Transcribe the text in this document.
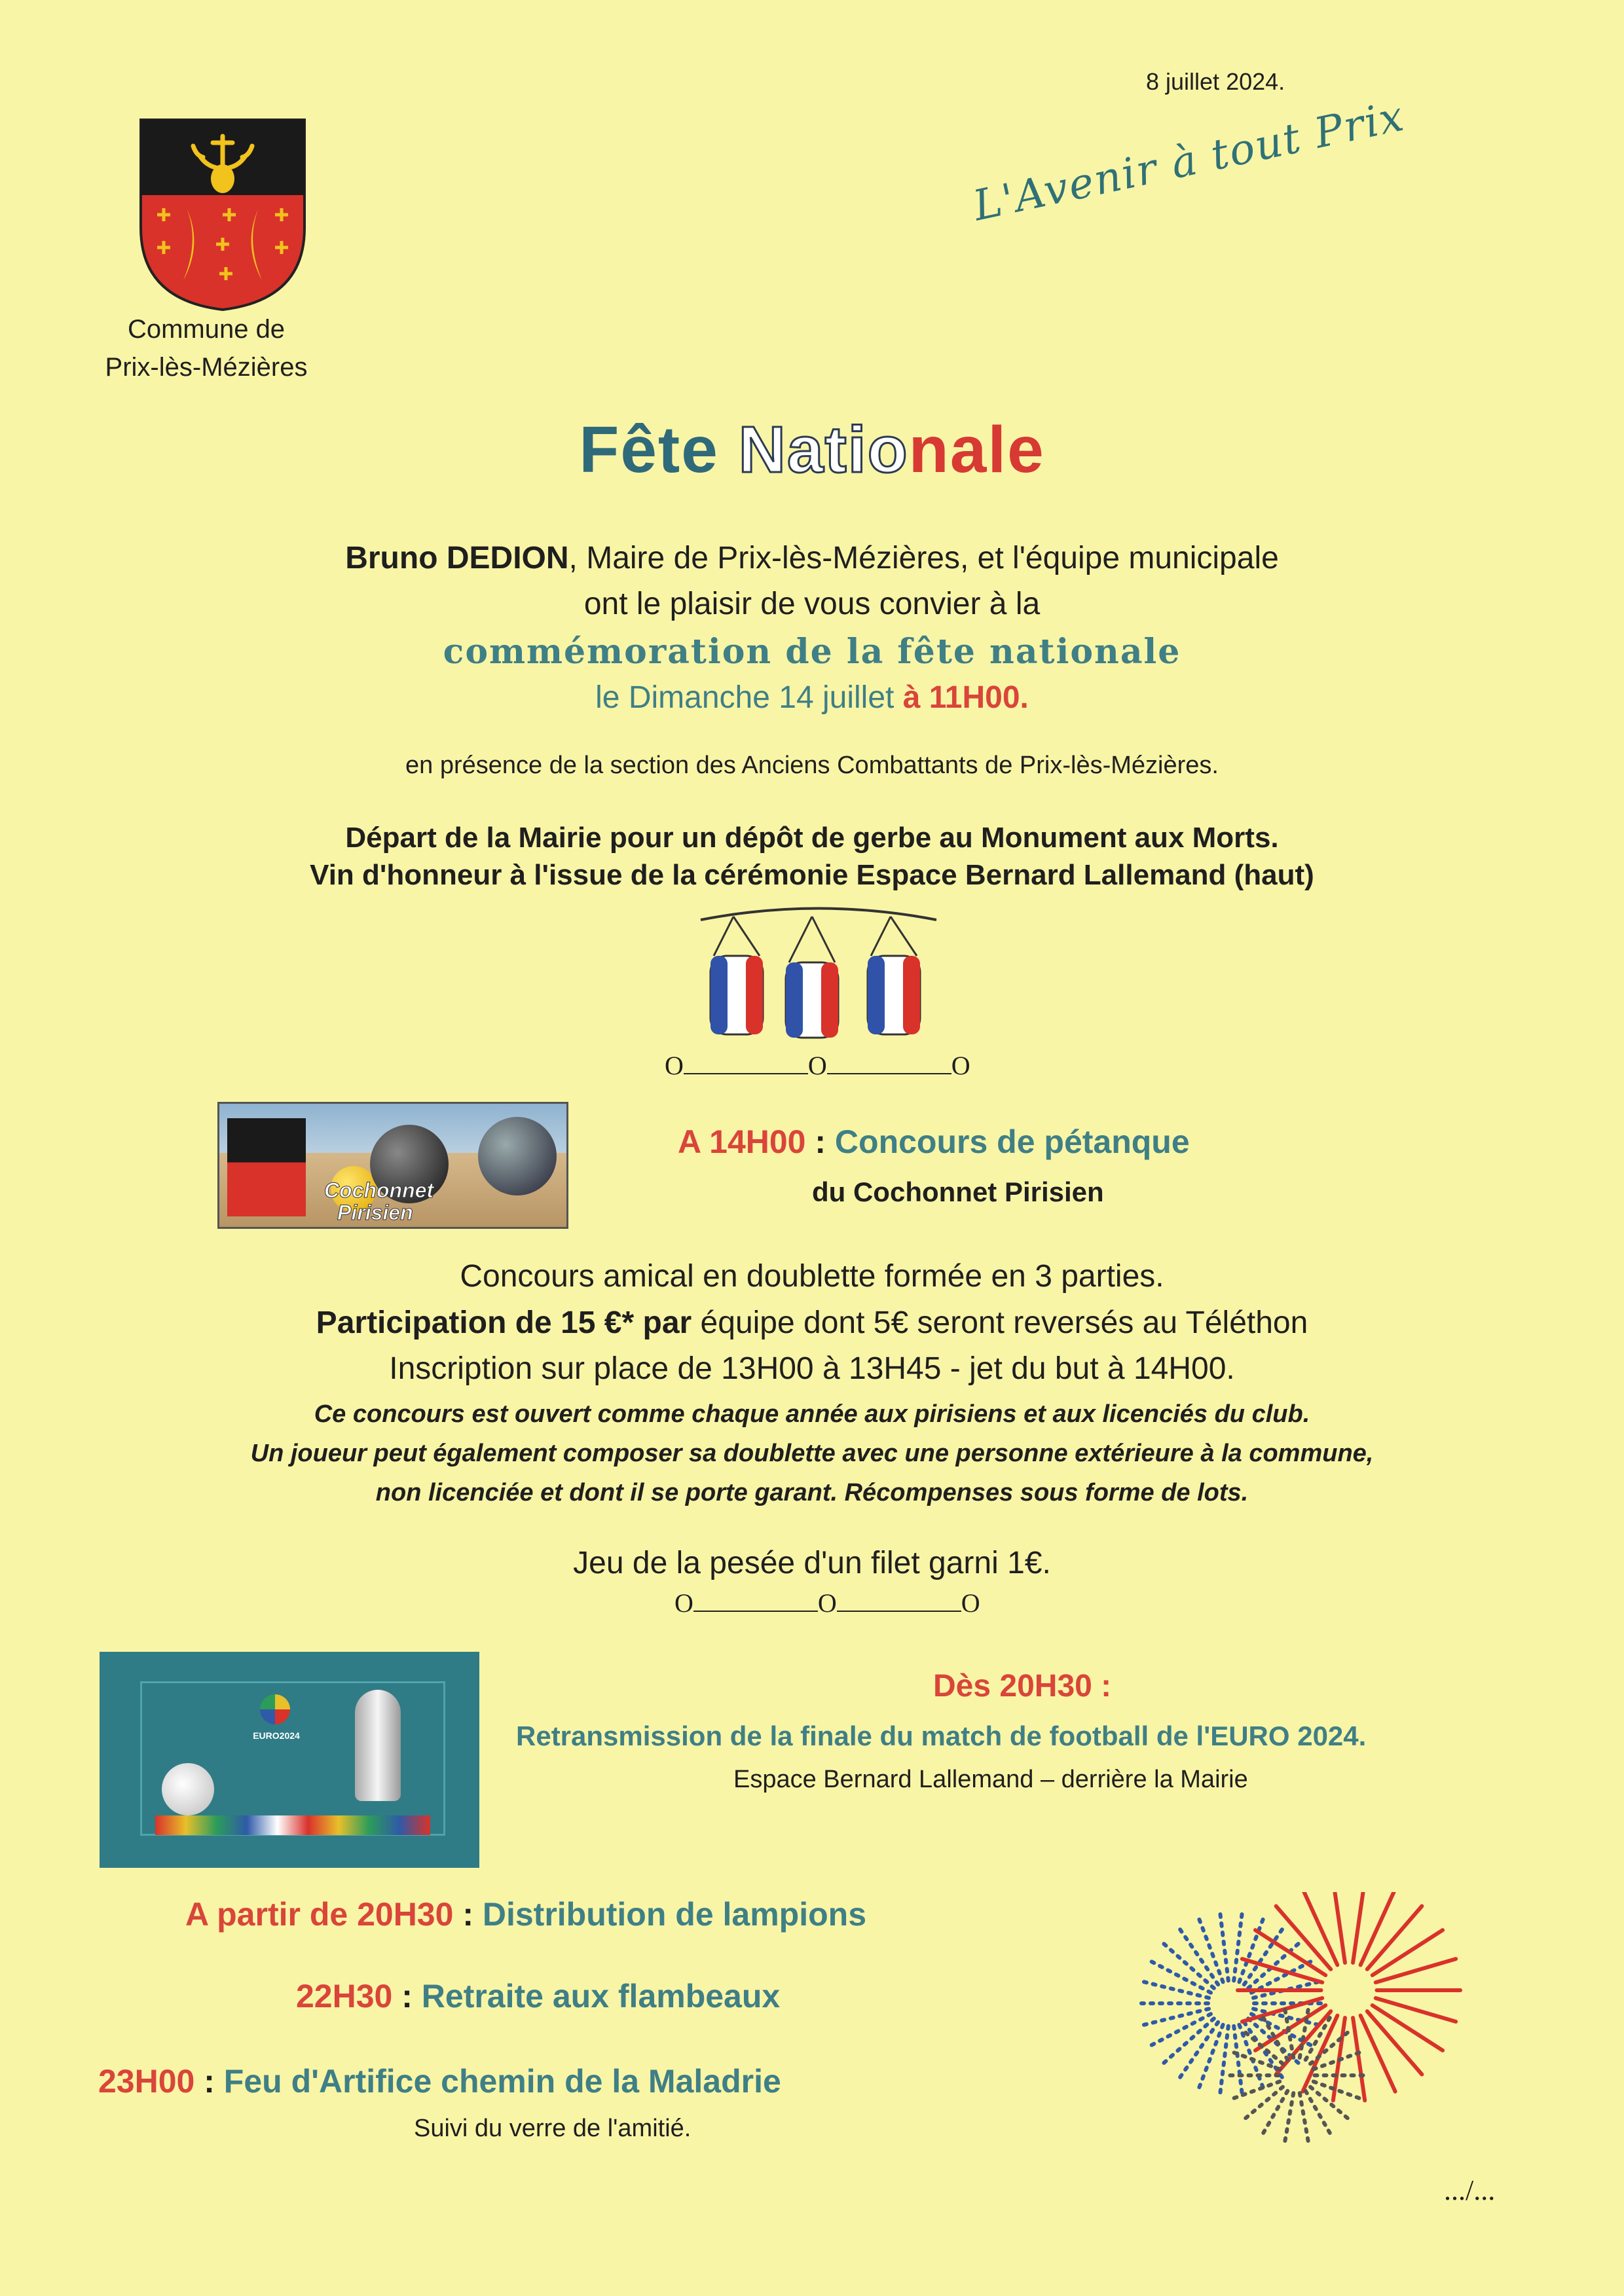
8 juillet 2024.
Commune de
Prix-lès-Mézières
L'Avenir à tout Prix
Fête Nationale
Bruno DEDION, Maire de Prix-lès-Mézières, et l'équipe municipale
ont le plaisir de vous convier à la
commémoration de la fête nationale
le Dimanche 14 juillet à 11H00.
en présence de la section des Anciens Combattants de Prix-lès-Mézières.
Départ de la Mairie pour un dépôt de gerbe au Monument aux Morts.
Vin d'honneur à l'issue de la cérémonie Espace Bernard Lallemand (haut)
O	O	O
Cochonnet
Pirisien
A 14H00 : Concours de pétanque
du Cochonnet Pirisien
Concours amical en doublette formée en 3 parties.
Participation de 15 €* par équipe dont 5€ seront reversés au Téléthon
Inscription sur place de 13H00 à 13H45 - jet du but à 14H00.
Ce concours est ouvert comme chaque année aux pirisiens et aux licenciés du club.
Un joueur peut également composer sa doublette avec une personne extérieure à la commune,
non licenciée et dont il se porte garant. Récompenses sous forme de lots.
Jeu de la pesée d'un filet garni 1€.
O	O	O
EURO2024
Dès 20H30 :
Retransmission de la finale du match de football de l'EURO 2024.
Espace Bernard Lallemand – derrière la Mairie
A partir de 20H30 : Distribution de lampions
22H30 : Retraite aux flambeaux
23H00 : Feu d'Artifice chemin de la Maladrie
Suivi du verre de l'amitié.
.../...
